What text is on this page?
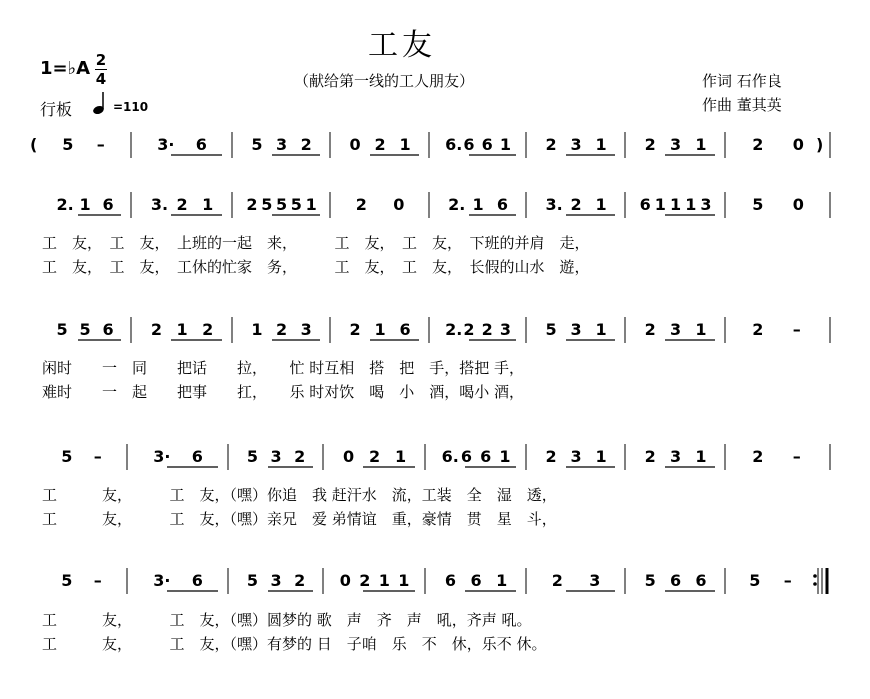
工友
（献给第一线的工人朋友）
1=♭A 2
4
行板	=110
作词 石作良
作曲 董其英
( 5 –	3· 6	5 3 2 0 2 1 6. 6 6 1 2 3 1 2 3 1	2 0 )
2. 1 6 3. 2 1 2 5 5 5 1 2 0	2. 1 6 3. 2 1 6 1 1 1 3	5 0
工　友，　工　友，　上班的一起　来，　　　工　友，　工　友，　下班的并肩　走，
工　友，　工　友，　工休的忙家　务，　　　工　友，　工　友，　长假的山水　遊，
5 5 6 2 1 2 1 2 3 2 1 6 2. 2 2 3 5 3 1 2 3 1	2 –
闲时　　一　同　　把话　　拉，　　忙 时互相　搭　把　手，搭把 手，
难时　　一　起　　把事　　扛，　　乐 时对饮　喝　小　酒，喝小 酒，
5 –	3· 6	5 3 2 0 2 1 6. 6 6 1 2 3 1 2 3 1	2 –
工　　　友，　　　工　友，（嘿）你追　我 赶汗水　流，工装　全　湿　透，
工　　　友，　　　工　友，（嘿）亲兄　爱 弟情谊　重，豪情　贯　星　斗，
5 –	3· 6	5 3 2 0 2 1 1 6 6 1	2 3	5 6 6	5 –
工　　　友，　　　工　友，（嘿）圆梦的 歌　声　齐　声　吼，齐声 吼。
工　　　友，　　　工　友，（嘿）有梦的 日　子咱　乐　不　休，乐不 休。
